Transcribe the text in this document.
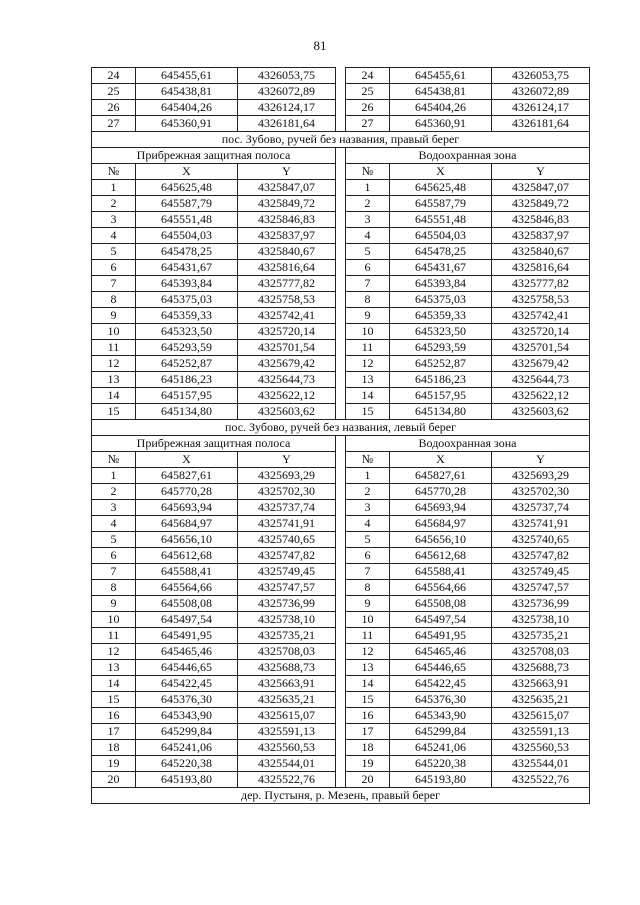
81
24	645455,61	4326053,75		24	645455,61	4326053,75
25	645438,81	4326072,89		25	645438,81	4326072,89
26	645404,26	4326124,17		26	645404,26	4326124,17
27	645360,91	4326181,64		27	645360,91	4326181,64
пос. Зубово, ручей без названия, правый берег						
Прибрежная защитная полоса				Водоохранная зона		
№	X	Y		№	X	Y
1	645625,48	4325847,07		1	645625,48	4325847,07
2	645587,79	4325849,72		2	645587,79	4325849,72
3	645551,48	4325846,83		3	645551,48	4325846,83
4	645504,03	4325837,97		4	645504,03	4325837,97
5	645478,25	4325840,67		5	645478,25	4325840,67
6	645431,67	4325816,64		6	645431,67	4325816,64
7	645393,84	4325777,82		7	645393,84	4325777,82
8	645375,03	4325758,53		8	645375,03	4325758,53
9	645359,33	4325742,41		9	645359,33	4325742,41
10	645323,50	4325720,14		10	645323,50	4325720,14
11	645293,59	4325701,54		11	645293,59	4325701,54
12	645252,87	4325679,42		12	645252,87	4325679,42
13	645186,23	4325644,73		13	645186,23	4325644,73
14	645157,95	4325622,12		14	645157,95	4325622,12
15	645134,80	4325603,62		15	645134,80	4325603,62
пос. Зубово, ручей без названия, левый берег						
Прибрежная защитная полоса				Водоохранная зона		
№	X	Y		№	X	Y
1	645827,61	4325693,29		1	645827,61	4325693,29
2	645770,28	4325702,30		2	645770,28	4325702,30
3	645693,94	4325737,74		3	645693,94	4325737,74
4	645684,97	4325741,91		4	645684,97	4325741,91
5	645656,10	4325740,65		5	645656,10	4325740,65
6	645612,68	4325747,82		6	645612,68	4325747,82
7	645588,41	4325749,45		7	645588,41	4325749,45
8	645564,66	4325747,57		8	645564,66	4325747,57
9	645508,08	4325736,99		9	645508,08	4325736,99
10	645497,54	4325738,10		10	645497,54	4325738,10
11	645491,95	4325735,21		11	645491,95	4325735,21
12	645465,46	4325708,03		12	645465,46	4325708,03
13	645446,65	4325688,73		13	645446,65	4325688,73
14	645422,45	4325663,91		14	645422,45	4325663,91
15	645376,30	4325635,21		15	645376,30	4325635,21
16	645343,90	4325615,07		16	645343,90	4325615,07
17	645299,84	4325591,13		17	645299,84	4325591,13
18	645241,06	4325560,53		18	645241,06	4325560,53
19	645220,38	4325544,01		19	645220,38	4325544,01
20	645193,80	4325522,76		20	645193,80	4325522,76
дер. Пустыня, р. Мезень, правый берег						
